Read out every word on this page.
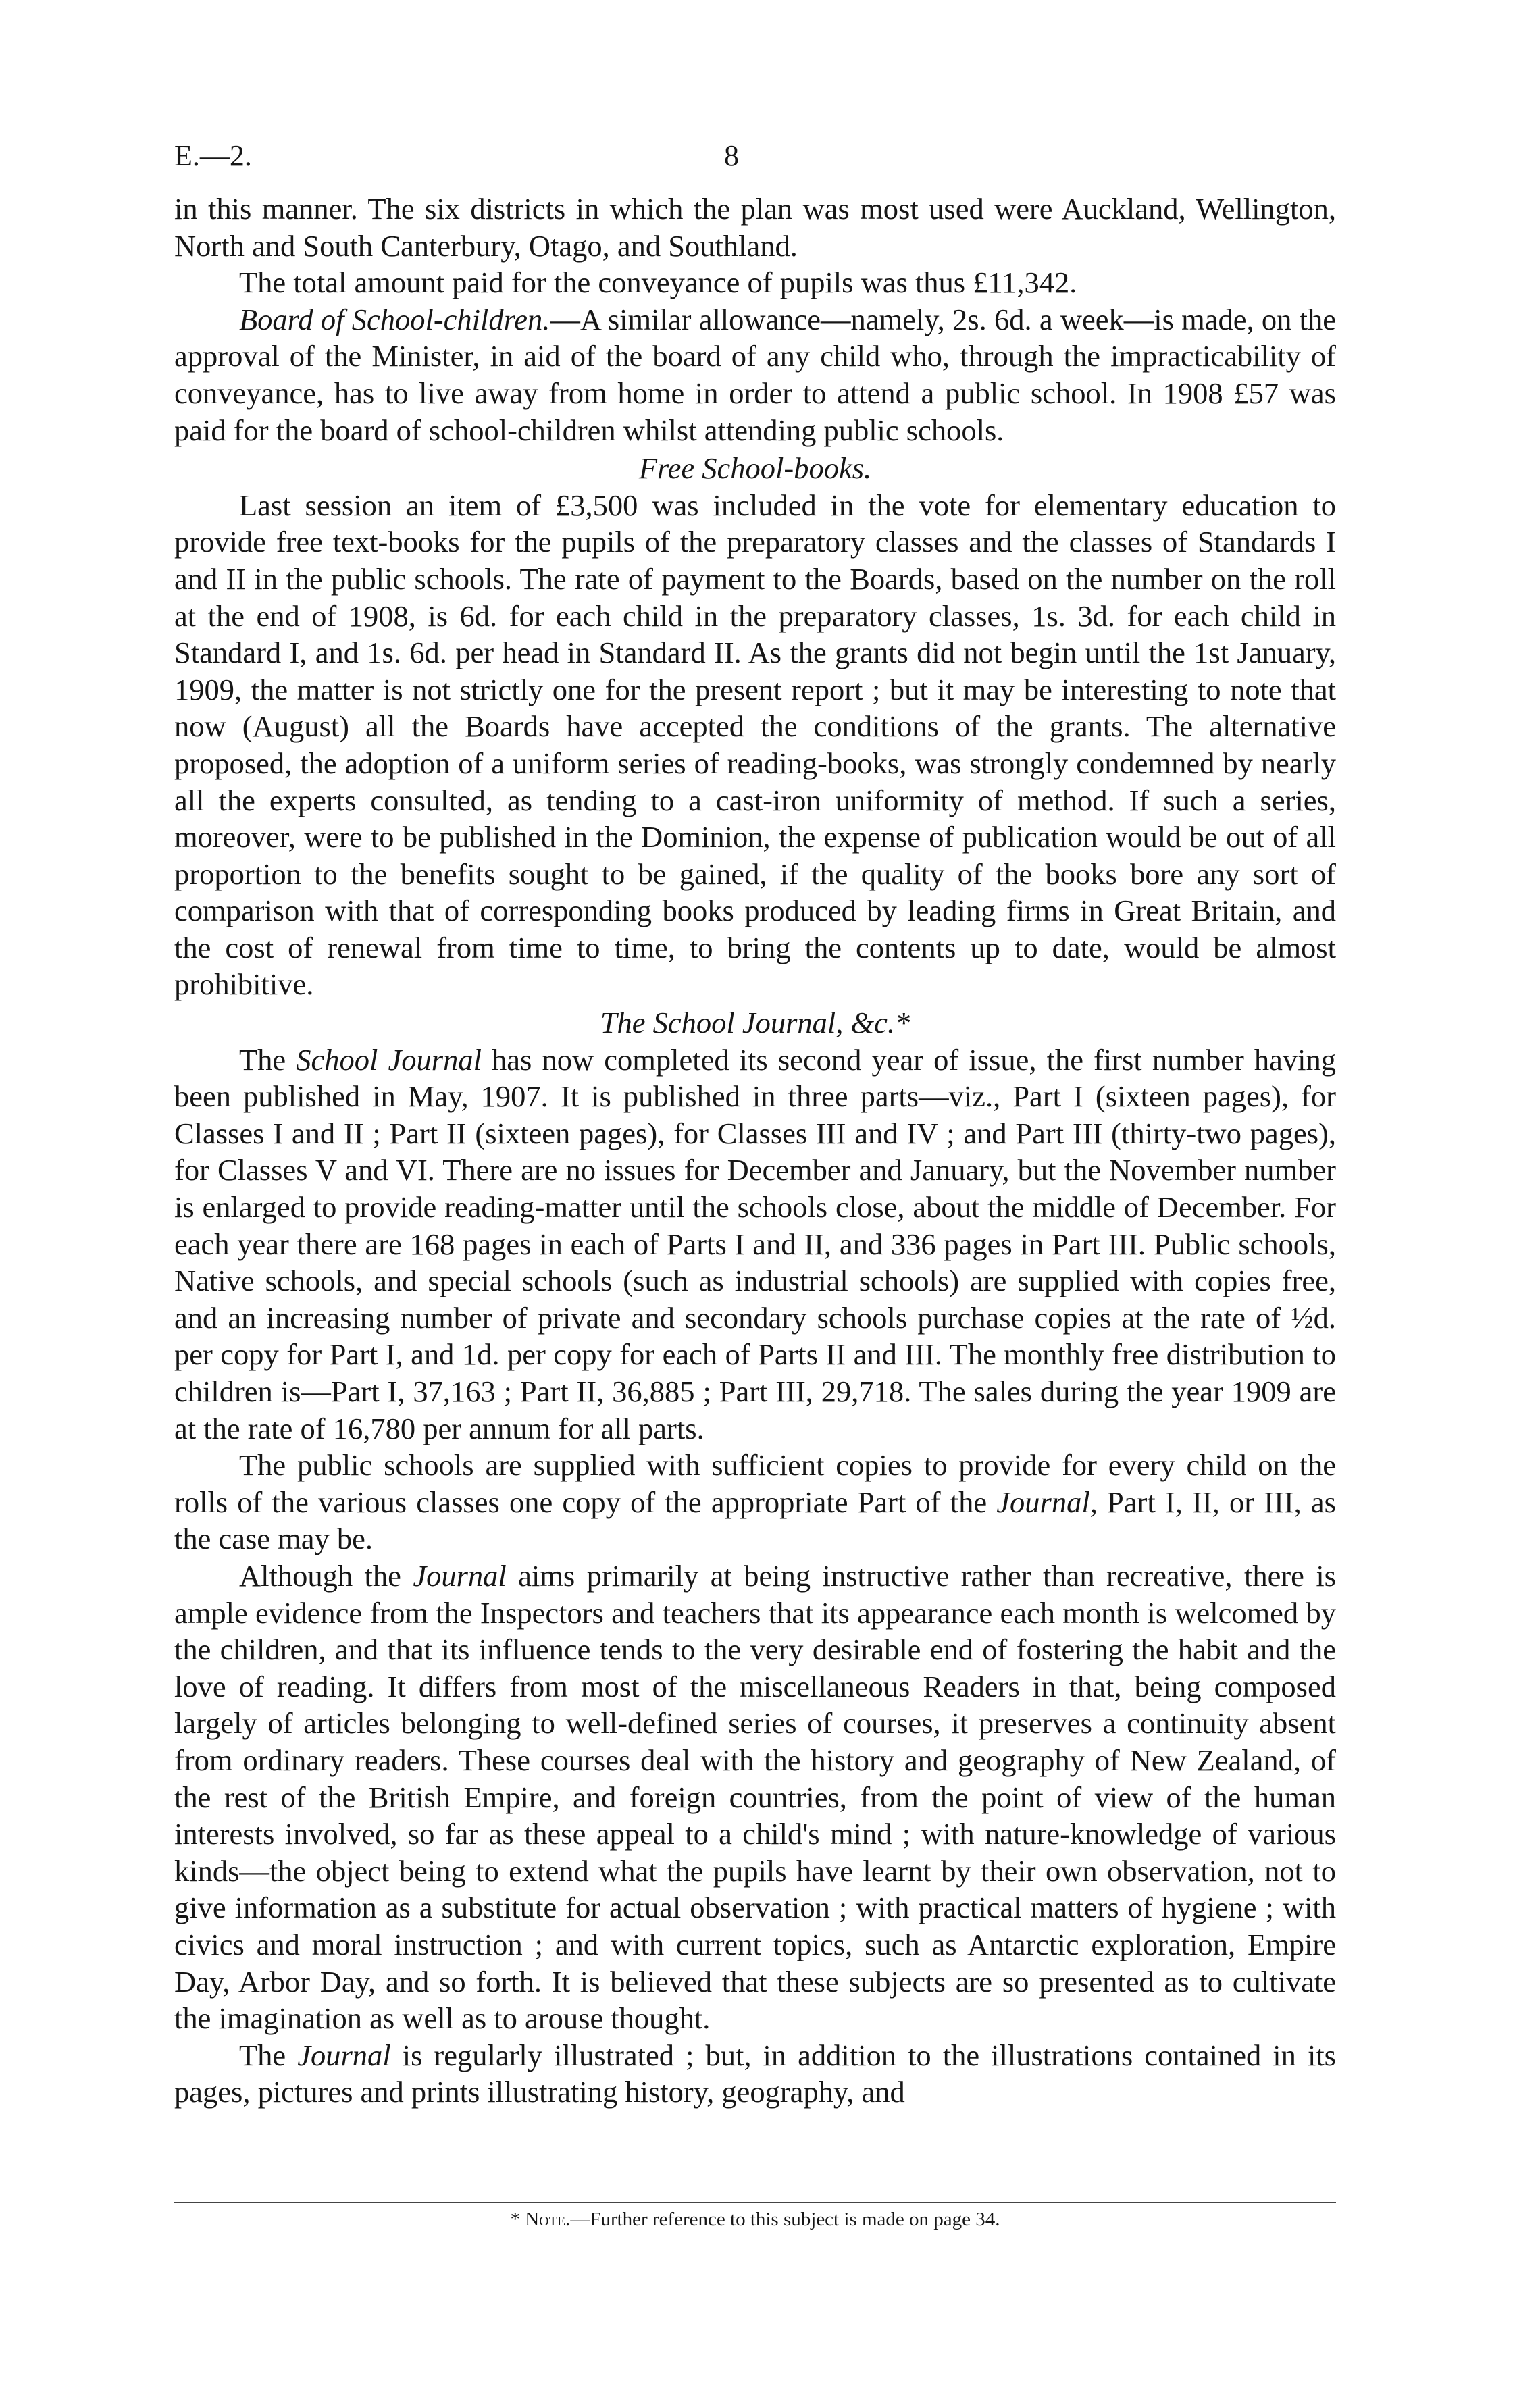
E.—2.	8

in this manner. The six districts in which the plan was most used were Auckland, Wellington, North and South Canterbury, Otago, and Southland.

The total amount paid for the conveyance of pupils was thus £11,342.

Board of School-children.—A similar allowance—namely, 2s. 6d. a week—is made, on the approval of the Minister, in aid of the board of any child who, through the impracticability of conveyance, has to live away from home in order to attend a public school. In 1908 £57 was paid for the board of school-children whilst attending public schools.

Free School-books.

Last session an item of £3,500 was included in the vote for elementary education to provide free text-books for the pupils of the preparatory classes and the classes of Standards I and II in the public schools. The rate of payment to the Boards, based on the number on the roll at the end of 1908, is 6d. for each child in the preparatory classes, 1s. 3d. for each child in Standard I, and 1s. 6d. per head in Standard II. As the grants did not begin until the 1st January, 1909, the matter is not strictly one for the present report ; but it may be interesting to note that now (August) all the Boards have accepted the conditions of the grants. The alternative proposed, the adoption of a uniform series of reading-books, was strongly condemned by nearly all the experts consulted, as tending to a cast-iron uniformity of method. If such a series, moreover, were to be published in the Dominion, the expense of publication would be out of all proportion to the benefits sought to be gained, if the quality of the books bore any sort of comparison with that of corresponding books produced by leading firms in Great Britain, and the cost of renewal from time to time, to bring the contents up to date, would be almost prohibitive.

The School Journal, &c.*

The School Journal has now completed its second year of issue, the first number having been published in May, 1907. It is published in three parts—viz., Part I (sixteen pages), for Classes I and II ; Part II (sixteen pages), for Classes III and IV ; and Part III (thirty-two pages), for Classes V and VI. There are no issues for December and January, but the November number is enlarged to provide reading-matter until the schools close, about the middle of December. For each year there are 168 pages in each of Parts I and II, and 336 pages in Part III. Public schools, Native schools, and special schools (such as industrial schools) are supplied with copies free, and an increasing number of private and secondary schools purchase copies at the rate of ½d. per copy for Part I, and 1d. per copy for each of Parts II and III. The monthly free distribution to children is—Part I, 37,163 ; Part II, 36,885 ; Part III, 29,718. The sales during the year 1909 are at the rate of 16,780 per annum for all parts.

The public schools are supplied with sufficient copies to provide for every child on the rolls of the various classes one copy of the appropriate Part of the Journal, Part I, II, or III, as the case may be.

Although the Journal aims primarily at being instructive rather than recreative, there is ample evidence from the Inspectors and teachers that its appearance each month is welcomed by the children, and that its influence tends to the very desirable end of fostering the habit and the love of reading. It differs from most of the miscellaneous Readers in that, being composed largely of articles belonging to well-defined series of courses, it preserves a continuity absent from ordinary readers. These courses deal with the history and geography of New Zealand, of the rest of the British Empire, and foreign countries, from the point of view of the human interests involved, so far as these appeal to a child's mind ; with nature-knowledge of various kinds—the object being to extend what the pupils have learnt by their own observation, not to give information as a substitute for actual observation ; with practical matters of hygiene ; with civics and moral instruction ; and with current topics, such as Antarctic exploration, Empire Day, Arbor Day, and so forth. It is believed that these subjects are so presented as to cultivate the imagination as well as to arouse thought.

The Journal is regularly illustrated ; but, in addition to the illustrations contained in its pages, pictures and prints illustrating history, geography, and

* Note.—Further reference to this subject is made on page 34.
